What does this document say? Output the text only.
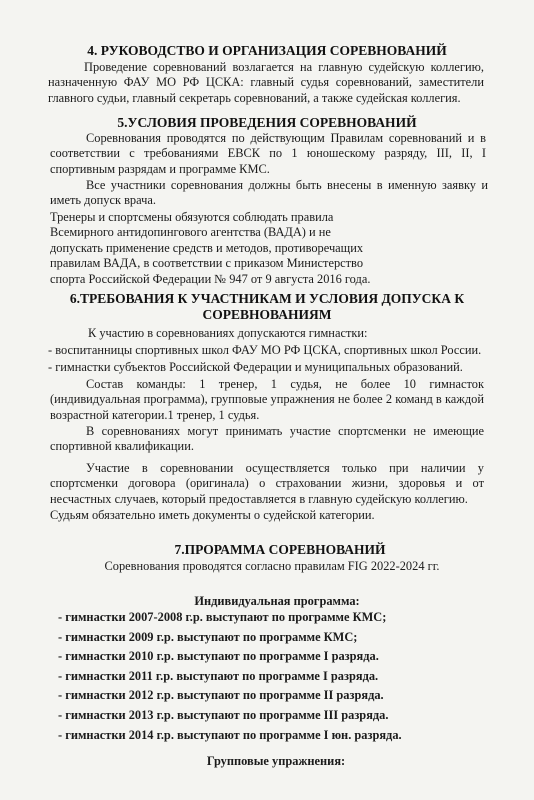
4. РУКОВОДСТВО И ОРГАНИЗАЦИЯ СОРЕВНОВАНИЙ

Проведение соревнований возлагается на главную судейскую коллегию, назначенную ФАУ МО РФ ЦСКА: главный судья соревнований, заместители главного судьи, главный секретарь соревнований, а также судейская коллегия.

5.УСЛОВИЯ ПРОВЕДЕНИЯ СОРЕВНОВАНИЙ

Соревнования проводятся по действующим Правилам соревнований и в соответствии с требованиями ЕВСК по 1 юношескому разряду, III, II, I спортивным разрядам и программе КМС.

Все участники соревнования должны быть внесены в именную заявку и иметь допуск врача.

Тренеры и спортсмены обязуются соблюдать правила Всемирного антидопингового агентства (ВАДА) и не допускать применение средств и методов, противоречащих правилам ВАДА, в соответствии с приказом Министерство спорта Российской Федерации № 947 от 9 августа 2016 года.

6.ТРЕБОВАНИЯ К УЧАСТНИКАМ И УСЛОВИЯ ДОПУСКА К
СОРЕВНОВАНИЯМ

К участию в соревнованиях допускаются гимнастки:

- воспитанницы спортивных школ ФАУ МО РФ ЦСКА, спортивных школ России.

- гимнастки субъектов Российской Федерации и муниципальных образований.

Состав команды: 1 тренер, 1 судья, не более 10 гимнасток (индивидуальная программа), групповые упражнения не более 2 команд в каждой возрастной категории.1 тренер, 1 судья.

В соревнованиях могут принимать участие спортсменки не имеющие спортивной квалификации.

Участие в соревновании осуществляется только при наличии у спортсменки договора (оригинала) о страховании жизни, здоровья и от несчастных случаев, который предоставляется в главную судейскую коллегию.

Судьям обязательно иметь документы о судейской категории.

7.ПРОРАММА СОРЕВНОВАНИЙ

Соревнования проводятся согласно правилам FIG 2022-2024 гг.

Индивидуальная программа:

- гимнастки 2007-2008 г.р. выступают по программе КМС;
- гимнастки 2009 г.р. выступают по программе КМС;
- гимнастки 2010 г.р. выступают по программе I разряда.
- гимнастки 2011 г.р. выступают по программе I разряда.
- гимнастки 2012 г.р. выступают по программе II разряда.
- гимнастки 2013 г.р. выступают по программе III разряда.
- гимнастки 2014 г.р. выступают по программе I юн. разряда.

Групповые упражнения:
